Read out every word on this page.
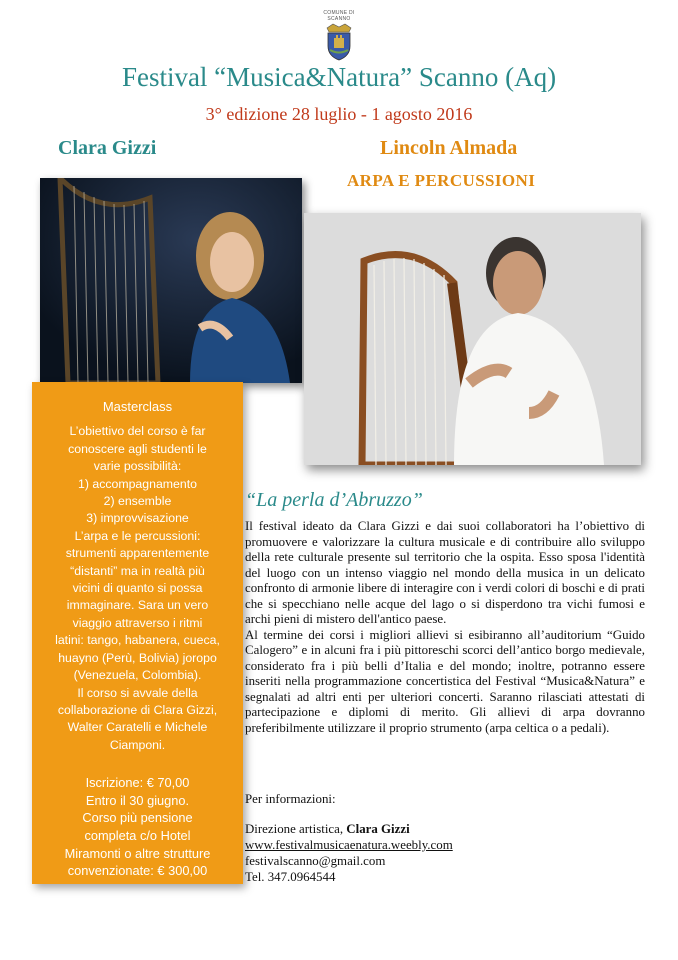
COMUNE DI SCANNO
Festival “Musica&Natura” Scanno (Aq)
3° edizione 28 luglio - 1 agosto 2016
Clara Gizzi	Lincoln Almada
ARPA E PERCUSSIONI
Masterclass
L’obiettivo del corso è far
conoscere agli studenti le
varie possibilità:
1) accompagnamento
2) ensemble
3) improvvisazione
L’arpa e le percussioni:
strumenti apparentemente
“distanti” ma in realtà più
vicini di quanto si possa
immaginare. Sara un vero
viaggio attraverso i ritmi
latini: tango, habanera, cueca,
huayno (Perù, Bolivia) joropo
(Venezuela, Colombia).
Il corso si avvale della
collaborazione di Clara Gizzi,
Walter Caratelli e Michele
Ciamponi.
Iscrizione: € 70,00
Entro il 30 giugno.
Corso più pensione
completa c/o Hotel
Miramonti o altre strutture
convenzionate: € 300,00
“La perla d’Abruzzo”

Il festival ideato da Clara Gizzi e dai suoi collaboratori ha l’obiettivo di promuovere e valorizzare la cultura musicale e di contribuire allo sviluppo della rete culturale presente sul territorio che la ospita. Esso sposa l'identità del luogo con un intenso viaggio nel mondo della musica in un delicato confronto di armonie libere di interagire con i verdi colori di boschi e di prati che si specchiano nelle acque del lago o si disperdono tra vichi fumosi e archi pieni di mistero dell'antico paese.

Al termine dei corsi i migliori allievi si esibiranno all’auditorium “Guido Calogero” e in alcuni fra i più pittoreschi scorci dell’antico borgo medievale, considerato fra i più belli d’Italia e del mondo; inoltre, potranno essere inseriti nella programmazione concertistica del Festival “Musica&Natura” e segnalati ad altri enti per ulteriori concerti. Saranno rilasciati attestati di partecipazione e diplomi di merito. Gli allievi di arpa dovranno preferibilmente utilizzare il proprio strumento (arpa celtica o a pedali).

Per informazioni:
Direzione artistica, Clara Gizzi
www.festivalmusicaenatura.weebly.com
festivalscanno@gmail.com
Tel. 347.0964544
